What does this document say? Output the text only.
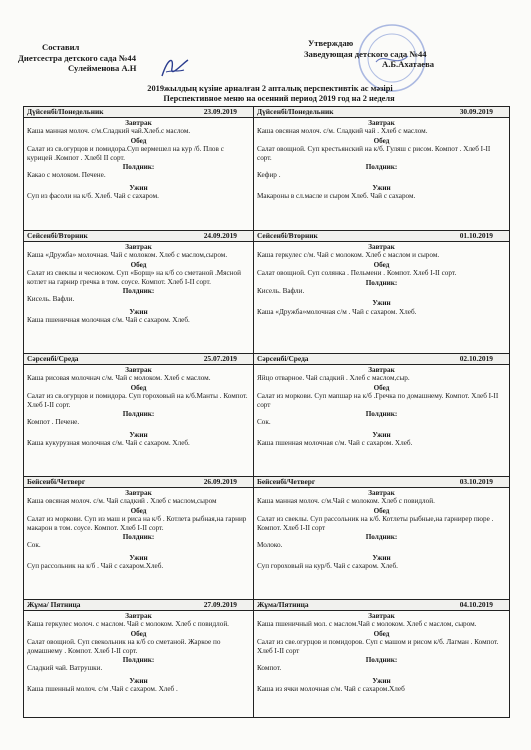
Составил
Диетсестра детского сада №44
Сулейменова А.Н
Утверждаю
Заведующая детского сада №44
А.Б.Ахатаева
2019жылдың күзіне арналған 2 апталық перспективтік ас мәзірі
Перспективное меню на осенний период 2019 год на 2 неделя
Дүйсенбі/Понедельник	23.09.2019
Завтрак
Каша манная молоч. с/м.Сладкий чай.Хлеб.с маслом.
Обед
Салат из св.огурцов и помидора.Суп вермешел на кур /б. Плов с курицей .Компот . Хлебl II сорт.
Полдник:
Какао с молоком. Печене.
Ужин
Суп из фасоли на к/б. Хлеб. Чай с сахаром.
Сейсенбі/Вторник	24.09.2019
Завтрак
Каша «Дружба» молочная. Чай с молоком. Хлеб с маслом,сыром.
Обед
Салат из свеклы и чесноком. Суп «Борщ» на к/б со сметаной .Мясной котлет на гарнир гречка в том. соусе. Компот. Хлеб I-II сорт.
Полдник:
Кисель. Вафли.
Ужин
Каша пшеничная молочная с/м. Чай с сахаром. Хлеб.
Сәрсенбі/Среда	25.07.2019
Завтрак
Каша рисовая молочнач с/м. Чай с молоком. Хлеб с маслом.
Обед
Салат из св.огурцов и помидора. Суп гороховый на к/б.Манты . Компот. Хлеб I-II сорт.
Полдник:
Компот . Печене.
Ужин
Каша кукурузная молочная с/м. Чай с сахаром. Хлеб.
Бейсенбі/Четверг	26.09.2019
Завтрак
Каша овсяная молоч. с/м. Чай сладкий . Хлеб с маслом,сыром
Обед
Салат из моркови. Суп из маш и риса на к/б . Котлета рыбная,на гарнир макарон в том. соусе. Компот. Хлеб I-II сорт.
Полдник:
Сок.
Ужин
Суп рассольник на к/б . Чай с сахаром.Хлеб.
Жұма/ Пятница	27.09.2019
Завтрак
Каша геркулес молоч. с маслом. Чай с молоком. Хлеб с повидлой.
Обед
Салат овощной. Суп свекольник на к/б со сметаной. Жаркое по домашнему . Компот. Хлеб I-II сорт.
Полдник:
Сладкий чай. Ватрушки.
Ужин
Каша пшенный молоч. с/м .Чай с сахаром. Хлеб .
Дүйсенбі/Понедельник	30.09.2019
Завтрак
Каша овсяная молоч. с/м. Сладкий чай . Хлеб с маслом.
Обед
Салат овощной. Суп крестьянский на к/б. Гуляш с рисом. Компот . Хлеб I-II сорт.
Полдник:
Кефир .
Ужин
Макароны в сл.масле и сыром Хлеб. Чай с сахаром.
Сейсенбі/Вторник	01.10.2019
Завтрак
Каша геркулес с/м. Чай с молоком. Хлеб с маслом и сыром.
Обед
Салат овощной. Суп солянка . Пельмени . Компот. Хлеб I-II сорт.
Полдник:
Кисель. Вафли.
Ужин
Каша «Дружба»молочная с/м . Чай с сахаром. Хлеб.
Сәрсенбі/Среда	02.10.2019
Завтрак
Яйцо отварное. Чай сладкий . Хлеб с маслом,сыр.
Обед
Салат из моркови. Суп мапшар на к/б .Гречка по домашнему. Компот. Хлеб I-II сорт
Полдник:
Сок.
Ужин
Каша пшенная молочная с/м. Чай с сахаром. Хлеб.
Бейсенбі/Четверг	03.10.2019
Завтрак
Каша манная молоч. с/м.Чай с молоком. Хлеб с повидлой.
Обед
Салат из свеклы. Суп рассольник на к/б. Котлеты рыбные,на гарнирер пюре . Компот. Хлеб I-II сорт
Полдник:
Молоко.
Ужин
Суп гороховый на кур/б. Чай с сахаром. Хлеб.
Жұма/Пятница	04.10.2019
Завтрак
Каша пшеничный мол. с маслом.Чай с молоком. Хлеб с маслом, сыром.
Обед
Салат из све.огурцов и помидоров. Суп с машом и рисом к/б. Лагман . Компот. Хлеб I-II сорт
Полдник:
Компот.
Ужин
Каша из ячки молочная с/м. Чай с сахаром.Хлеб
